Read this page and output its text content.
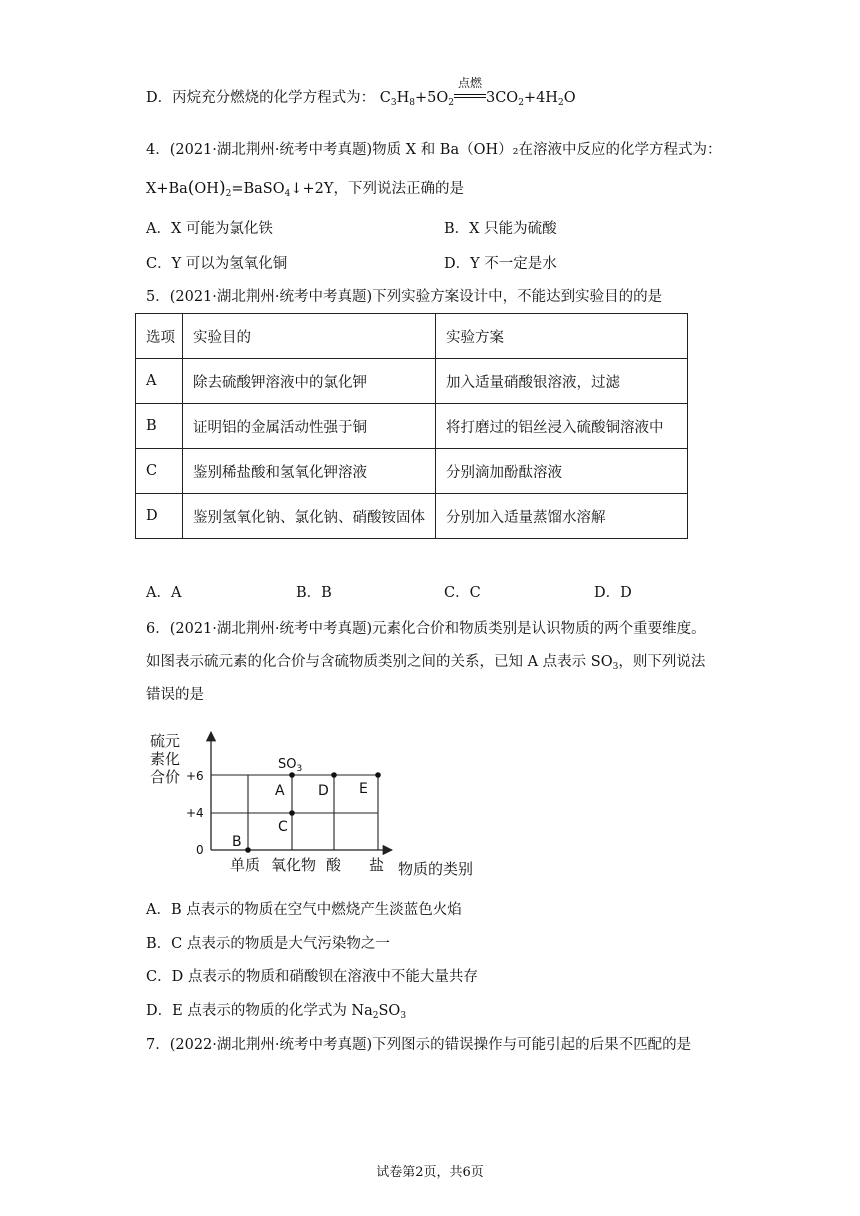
D．丙烷充分燃烧的化学方程式为： $C_3H_8+5O_2$
点燃
$3CO_2+4H_2O$
4．(2021·湖北荆州·统考中考真题)物质 X 和 Ba（OH）₂在溶液中反应的化学方程式为：
$X+Ba(OH)_2=BaSO_4↓+2Y$，下列说法正确的是
A．X 可能为氯化铁	B．X 只能为硫酸
C．Y 可以为氢氧化铜	D．Y 不一定是水
5．(2021·湖北荆州·统考中考真题)下列实验方案设计中，不能达到实验目的的是
选项	实验目的	实验方案
A	除去硫酸钾溶液中的氯化钾	加入适量硝酸银溶液，过滤
B	证明铝的金属活动性强于铜	将打磨过的铝丝浸入硫酸铜溶液中
C	鉴别稀盐酸和氢氧化钾溶液	分别滴加酚酞溶液
D	鉴别氢氧化钠、氯化钠、硝酸铵固体	分别加入适量蒸馏水溶解
A．A	B．B	C．C	D．D
6．(2021·湖北荆州·统考中考真题)元素化合价和物质类别是认识物质的两个重要维度。
如图表示硫元素的化合价与含硫物质类别之间的关系，已知 A 点表示 $SO_3$，则下列说法
错误的是
硫元
素化
合价 +6
+4
0
单质 氧化物 酸 盐 物质的类别
A
B
C
D E
$SO_3$
A．B 点表示的物质在空气中燃烧产生淡蓝色火焰
B．C 点表示的物质是大气污染物之一
C．D 点表示的物质和硝酸钡在溶液中不能大量共存
D．E 点表示的物质的化学式为 $Na_2SO_3$
7．(2022·湖北荆州·统考中考真题)下列图示的错误操作与可能引起的后果不匹配的是
试卷第2页，共6页
